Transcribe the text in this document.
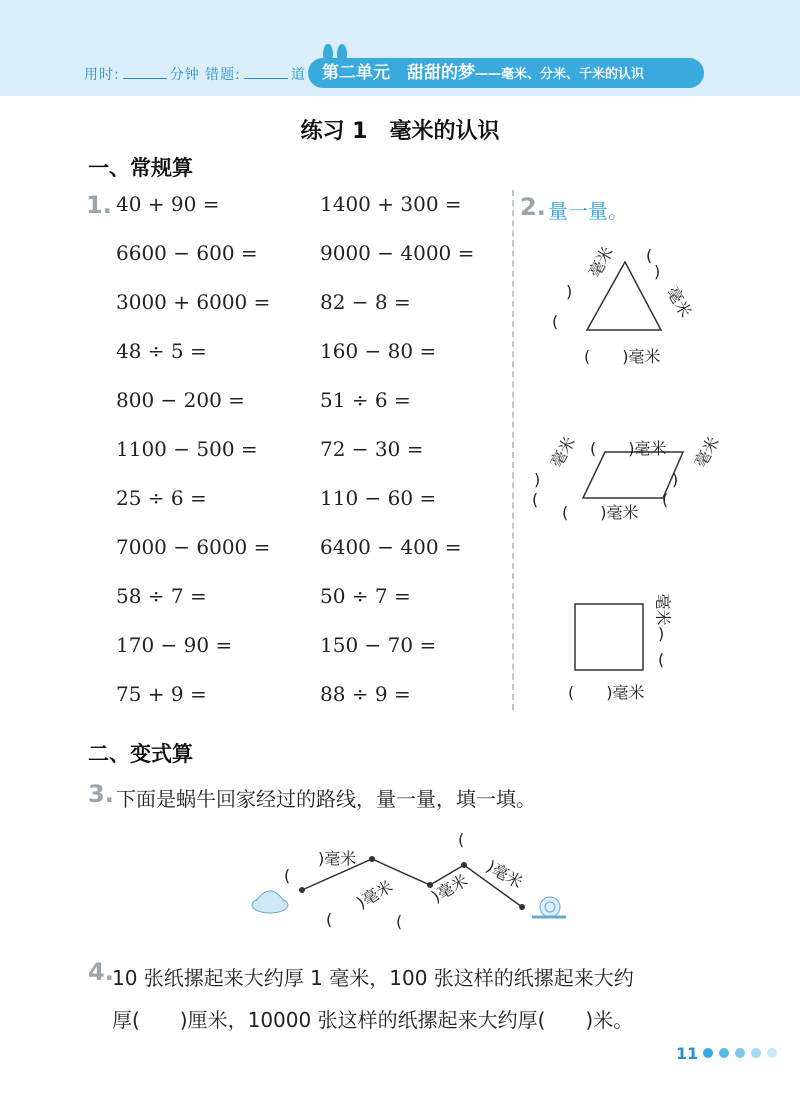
用时:	分钟 错题:	道 第二单元　甜甜的梦——毫米、分米、千米的认识
练习 1　毫米的认识
一、常规算
1. 40 + 90 =
6600 − 600 =
3000 + 6000 =
48 ÷ 5 =
800 − 200 =
1100 − 500 =
25 ÷ 6 =
7000 − 6000 =
58 ÷ 7 =
170 − 90 =
75 + 9 =
1400 + 300 =
9000 − 4000 =
82 − 8 =
160 − 80 =
51 ÷ 6 =
72 − 30 =
110 − 60 =
6400 − 400 =
50 ÷ 7 =
150 − 70 =
88 ÷ 9 =
2. 量一量。
毫米
)
(
(
)
毫米
(　　)毫米
(　　)毫米
毫米
)
(
毫米
)
(
(　　)毫米
毫米
)
(
(　　)毫米
二、变式算
3. 下面是蜗牛回家经过的路线，量一量，填一填。
(
)毫米
)毫米
(
)毫米
(
(
)毫米
4.
10 张纸摞起来大约厚 1 毫米，100 张这样的纸摞起来大约
厚(　　)厘米，10000 张这样的纸摞起来大约厚(　　)米。
11
